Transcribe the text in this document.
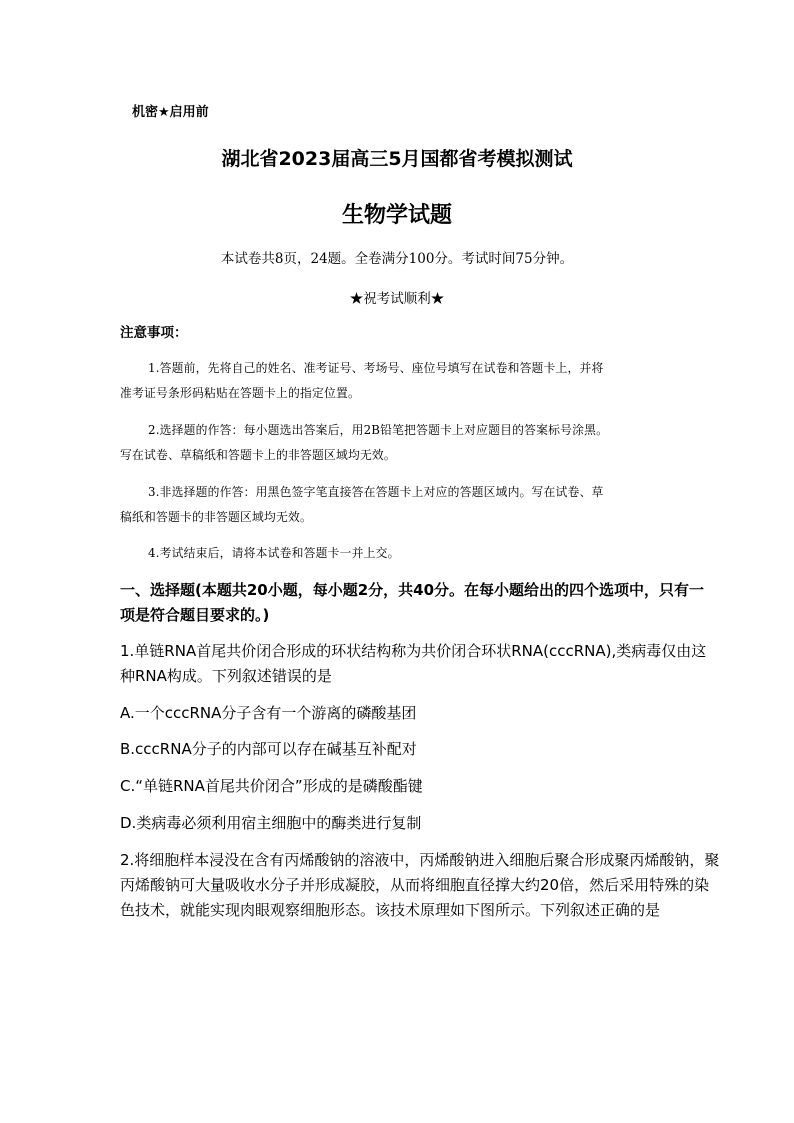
机密★启用前
湖北省2023届高三5月国都省考模拟测试
生物学试题
本试卷共8页，24题。全卷满分100分。考试时间75分钟。
★祝考试顺利★
注意事项：
1.答题前，先将自己的姓名、准考证号、考场号、座位号填写在试卷和答题卡上，并将
准考证号条形码粘贴在答题卡上的指定位置。
2.选择题的作答：每小题选出答案后，用2B铅笔把答题卡上对应题目的答案标号涂黑。
写在试卷、草稿纸和答题卡上的非答题区域均无效。
3.非选择题的作答：用黑色签字笔直接答在答题卡上对应的答题区域内。写在试卷、草
稿纸和答题卡的非答题区域均无效。
4.考试结束后，请将本试卷和答题卡一并上交。
一、选择题(本题共20小题，每小题2分，共40分。在每小题给出的四个选项中，只有一
项是符合题目要求的。)
1.单链RNA首尾共价闭合形成的环状结构称为共价闭合环状RNA(cccRNA),类病毒仅由这
种RNA构成。下列叙述错误的是
A.一个cccRNA分子含有一个游离的磷酸基团
B.cccRNA分子的内部可以存在碱基互补配对
C.“单链RNA首尾共价闭合”形成的是磷酸酯键
D.类病毒必须利用宿主细胞中的酶类进行复制
2.将细胞样本浸没在含有丙烯酸钠的溶液中，丙烯酸钠进入细胞后聚合形成聚丙烯酸钠，聚
丙烯酸钠可大量吸收水分子并形成凝胶，从而将细胞直径撑大约20倍，然后采用特殊的染
色技术，就能实现肉眼观察细胞形态。该技术原理如下图所示。下列叙述正确的是
